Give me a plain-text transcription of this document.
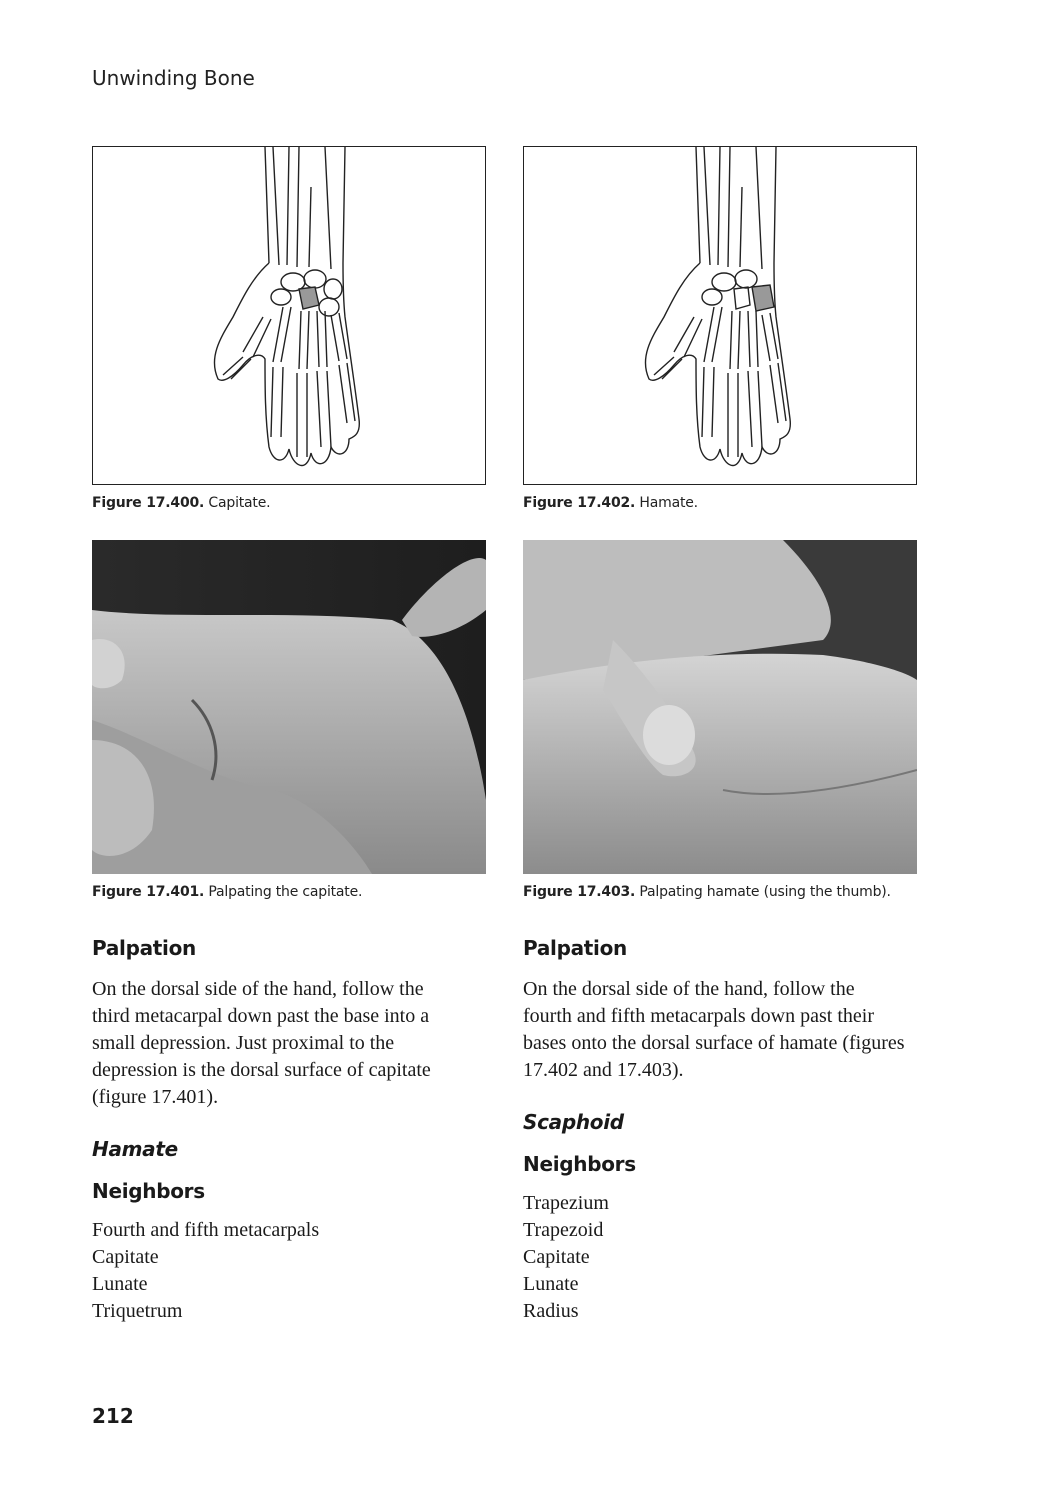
Unwinding Bone
Figure 17.400. Capitate.	Figure 17.402. Hamate.
Figure 17.401. Palpating the capitate.	Figure 17.403. Palpating hamate (using the thumb).
Palpation

On the dorsal side of the hand, follow the third metacarpal down past the base into a small depression. Just proximal to the depression is the dorsal surface of capitate (figure 17.401).

Hamate
Neighbors
Fourth and fifth metacarpals
Capitate
Lunate
Triquetrum
Palpation

On the dorsal side of the hand, follow the fourth and fifth metacarpals down past their bases onto the dorsal surface of hamate (figures 17.402 and 17.403).

Scaphoid
Neighbors
Trapezium
Trapezoid
Capitate
Lunate
Radius
212
